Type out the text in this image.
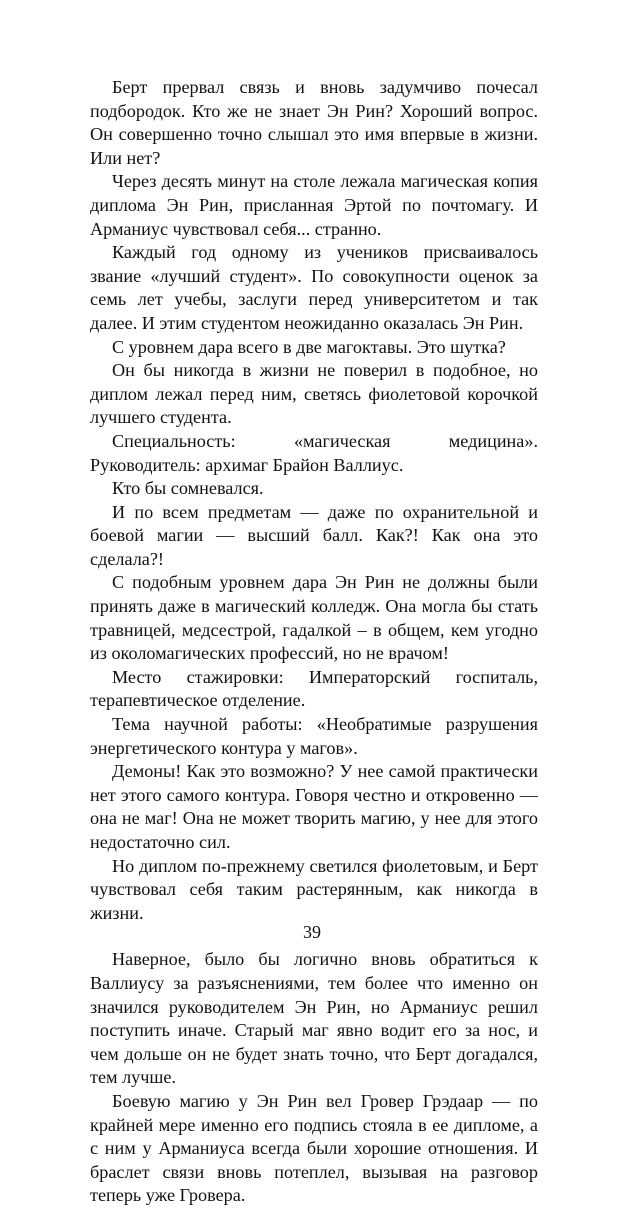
Берт прервал связь и вновь задумчиво почесал подбородок. Кто же не знает Эн Рин? Хороший вопрос. Он совершенно точно слышал это имя впервые в жизни. Или нет?

Через десять минут на столе лежала магическая копия диплома Эн Рин, присланная Эртой по почтомагу. И Арманиус чувствовал себя... странно.

Каждый год одному из учеников присваивалось звание «лучший студент». По совокупности оценок за семь лет учебы, заслуги перед университетом и так далее. И этим студентом неожиданно оказалась Эн Рин.

С уровнем дара всего в две магоктавы. Это шутка?

Он бы никогда в жизни не поверил в подобное, но диплом лежал перед ним, светясь фиолетовой корочкой лучшего студента.

Специальность: «магическая медицина». Руководитель: архимаг Брайон Валлиус.

Кто бы сомневался.

И по всем предметам — даже по охранительной и боевой магии — высший балл. Как?! Как она это сделала?!

С подобным уровнем дара Эн Рин не должны были принять даже в магический колледж. Она могла бы стать травницей, медсестрой, гадалкой – в общем, кем угодно из околомагических профессий, но не врачом!

Место стажировки: Императорский госпиталь, терапевтическое отделение.

Тема научной работы: «Необратимые разрушения энергетического контура у магов».

Демоны! Как это возможно? У нее самой практически нет этого самого контура. Говоря честно и откровенно — она не маг! Она не может творить магию, у нее для этого недостаточно сил.

Но диплом по-прежнему светился фиолетовым, и Берт чувствовал себя таким растерянным, как никогда в жизни.

Наверное, было бы логично вновь обратиться к Валлиусу за разъяснениями, тем более что именно он значился руководителем Эн Рин, но Арманиус решил поступить иначе. Старый маг явно водит его за нос, и чем дольше он не будет знать точно, что Берт догадался, тем лучше.

Боевую магию у Эн Рин вел Гровер Грэдаар — по крайней мере именно его подпись стояла в ее дипломе, а с ним у Арманиуса всегда были хорошие отношения. И браслет связи вновь потеплел, вызывая на разговор теперь уже Гровера.

39
